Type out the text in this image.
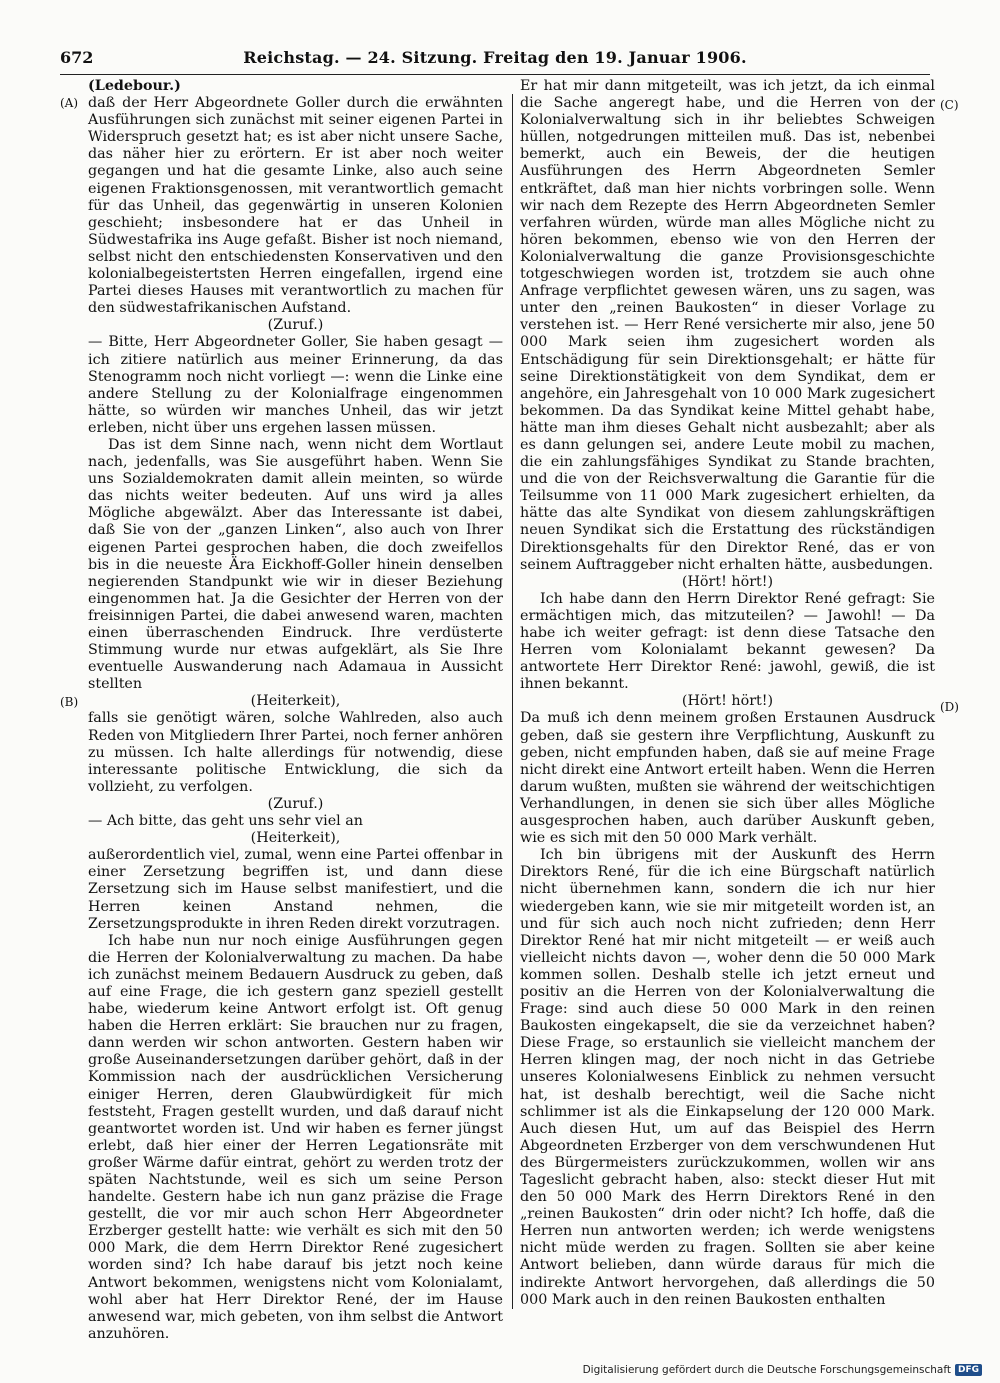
672	Reichstag. — 24. Sitzung. Freitag den 19. Januar 1906.
(A)
(B)
(C)
(D)

(Ledebour.)

daß der Herr Abgeordnete Goller durch die erwähnten Ausführungen sich zunächst mit seiner eigenen Partei in Widerspruch gesetzt hat; es ist aber nicht unsere Sache, das näher hier zu erörtern. Er ist aber noch weiter gegangen und hat die gesamte Linke, also auch seine eigenen Fraktionsgenossen, mit verantwortlich gemacht für das Unheil, das gegenwärtig in unseren Kolonien geschieht; insbesondere hat er das Unheil in Südwestafrika ins Auge gefaßt. Bisher ist noch niemand, selbst nicht den entschiedensten Konservativen und den kolonialbegeistertsten Herren eingefallen, irgend eine Partei dieses Hauses mit verantwortlich zu machen für den südwestafrikanischen Aufstand.

(Zuruf.)

— Bitte, Herr Abgeordneter Goller, Sie haben gesagt — ich zitiere natürlich aus meiner Erinnerung, da das Stenogramm noch nicht vorliegt —: wenn die Linke eine andere Stellung zu der Kolonialfrage eingenommen hätte, so würden wir manches Unheil, das wir jetzt erleben, nicht über uns ergehen lassen müssen.

Das ist dem Sinne nach, wenn nicht dem Wortlaut nach, jedenfalls, was Sie ausgeführt haben. Wenn Sie uns Sozialdemokraten damit allein meinten, so würde das nichts weiter bedeuten. Auf uns wird ja alles Mögliche abgewälzt. Aber das Interessante ist dabei, daß Sie von der „ganzen Linken“, also auch von Ihrer eigenen Partei gesprochen haben, die doch zweifellos bis in die neueste Ära Eickhoff-Goller hinein denselben negierenden Standpunkt wie wir in dieser Beziehung eingenommen hat. Ja die Gesichter der Herren von der freisinnigen Partei, die dabei anwesend waren, machten einen überraschenden Eindruck. Ihre verdüsterte Stimmung wurde nur etwas aufgeklärt, als Sie Ihre eventuelle Auswanderung nach Adamaua in Aussicht stellten

(Heiterkeit),

falls sie genötigt wären, solche Wahlreden, also auch Reden von Mitgliedern Ihrer Partei, noch ferner anhören zu müssen. Ich halte allerdings für notwendig, diese interessante politische Entwicklung, die sich da vollzieht, zu verfolgen.

(Zuruf.)

— Ach bitte, das geht uns sehr viel an

(Heiterkeit),

außerordentlich viel, zumal, wenn eine Partei offenbar in einer Zersetzung begriffen ist, und dann diese Zersetzung sich im Hause selbst manifestiert, und die Herren keinen Anstand nehmen, die Zersetzungsprodukte in ihren Reden direkt vorzutragen.

Ich habe nun nur noch einige Ausführungen gegen die Herren der Kolonialverwaltung zu machen. Da habe ich zunächst meinem Bedauern Ausdruck zu geben, daß auf eine Frage, die ich gestern ganz speziell gestellt habe, wiederum keine Antwort erfolgt ist. Oft genug haben die Herren erklärt: Sie brauchen nur zu fragen, dann werden wir schon antworten. Gestern haben wir große Auseinandersetzungen darüber gehört, daß in der Kommission nach der ausdrücklichen Versicherung einiger Herren, deren Glaubwürdigkeit für mich feststeht, Fragen gestellt wurden, und daß darauf nicht geantwortet worden ist. Und wir haben es ferner jüngst erlebt, daß hier einer der Herren Legationsräte mit großer Wärme dafür eintrat, gehört zu werden trotz der späten Nachtstunde, weil es sich um seine Person handelte. Gestern habe ich nun ganz präzise die Frage gestellt, die vor mir auch schon Herr Abgeordneter Erzberger gestellt hatte: wie verhält es sich mit den 50 000 Mark, die dem Herrn Direktor René zugesichert worden sind? Ich habe darauf bis jetzt noch keine Antwort bekommen, wenigstens nicht vom Kolonialamt, wohl aber hat Herr Direktor René, der im Hause anwesend war, mich gebeten, von ihm selbst die Antwort anzuhören.

Er hat mir dann mitgeteilt, was ich jetzt, da ich einmal die Sache angeregt habe, und die Herren von der Kolonialverwaltung sich in ihr beliebtes Schweigen hüllen, notgedrungen mitteilen muß. Das ist, nebenbei bemerkt, auch ein Beweis, der die heutigen Ausführungen des Herrn Abgeordneten Semler entkräftet, daß man hier nichts vorbringen solle. Wenn wir nach dem Rezepte des Herrn Abgeordneten Semler verfahren würden, würde man alles Mögliche nicht zu hören bekommen, ebenso wie von den Herren der Kolonialverwaltung die ganze Provisionsgeschichte totgeschwiegen worden ist, trotzdem sie auch ohne Anfrage verpflichtet gewesen wären, uns zu sagen, was unter den „reinen Baukosten“ in dieser Vorlage zu verstehen ist. — Herr René versicherte mir also, jene 50 000 Mark seien ihm zugesichert worden als Entschädigung für sein Direktionsgehalt; er hätte für seine Direktionstätigkeit von dem Syndikat, dem er angehöre, ein Jahresgehalt von 10 000 Mark zugesichert bekommen. Da das Syndikat keine Mittel gehabt habe, hätte man ihm dieses Gehalt nicht ausbezahlt; aber als es dann gelungen sei, andere Leute mobil zu machen, die ein zahlungsfähiges Syndikat zu Stande brachten, und die von der Reichsverwaltung die Garantie für die Teilsumme von 11 000 Mark zugesichert erhielten, da hätte das alte Syndikat von diesem zahlungskräftigen neuen Syndikat sich die Erstattung des rückständigen Direktionsgehalts für den Direktor René, das er von seinem Auftraggeber nicht erhalten hätte, ausbedungen.

(Hört! hört!)

Ich habe dann den Herrn Direktor René gefragt: Sie ermächtigen mich, das mitzuteilen? — Jawohl! — Da habe ich weiter gefragt: ist denn diese Tatsache den Herren vom Kolonialamt bekannt gewesen? Da antwortete Herr Direktor René: jawohl, gewiß, die ist ihnen bekannt.

(Hört! hört!)

Da muß ich denn meinem großen Erstaunen Ausdruck geben, daß sie gestern ihre Verpflichtung, Auskunft zu geben, nicht empfunden haben, daß sie auf meine Frage nicht direkt eine Antwort erteilt haben. Wenn die Herren darum wußten, mußten sie während der weitschichtigen Verhandlungen, in denen sie sich über alles Mögliche ausgesprochen haben, auch darüber Auskunft geben, wie es sich mit den 50 000 Mark verhält.

Ich bin übrigens mit der Auskunft des Herrn Direktors René, für die ich eine Bürgschaft natürlich nicht übernehmen kann, sondern die ich nur hier wiedergeben kann, wie sie mir mitgeteilt worden ist, an und für sich auch noch nicht zufrieden; denn Herr Direktor René hat mir nicht mitgeteilt — er weiß auch vielleicht nichts davon —, woher denn die 50 000 Mark kommen sollen. Deshalb stelle ich jetzt erneut und positiv an die Herren von der Kolonialverwaltung die Frage: sind auch diese 50 000 Mark in den reinen Baukosten eingekapselt, die sie da verzeichnet haben? Diese Frage, so erstaunlich sie vielleicht manchem der Herren klingen mag, der noch nicht in das Getriebe unseres Kolonialwesens Einblick zu nehmen versucht hat, ist deshalb berechtigt, weil die Sache nicht schlimmer ist als die Einkapselung der 120 000 Mark. Auch diesen Hut, um auf das Beispiel des Herrn Abgeordneten Erzberger von dem verschwundenen Hut des Bürgermeisters zurückzukommen, wollen wir ans Tageslicht gebracht haben, also: steckt dieser Hut mit den 50 000 Mark des Herrn Direktors René in den „reinen Baukosten“ drin oder nicht? Ich hoffe, daß die Herren nun antworten werden; ich werde wenigstens nicht müde werden zu fragen. Sollten sie aber keine Antwort belieben, dann würde daraus für mich die indirekte Antwort hervorgehen, daß allerdings die 50 000 Mark auch in den reinen Baukosten enthalten

Digitalisierung gefördert durch die Deutsche Forschungsgemeinschaft DFG
